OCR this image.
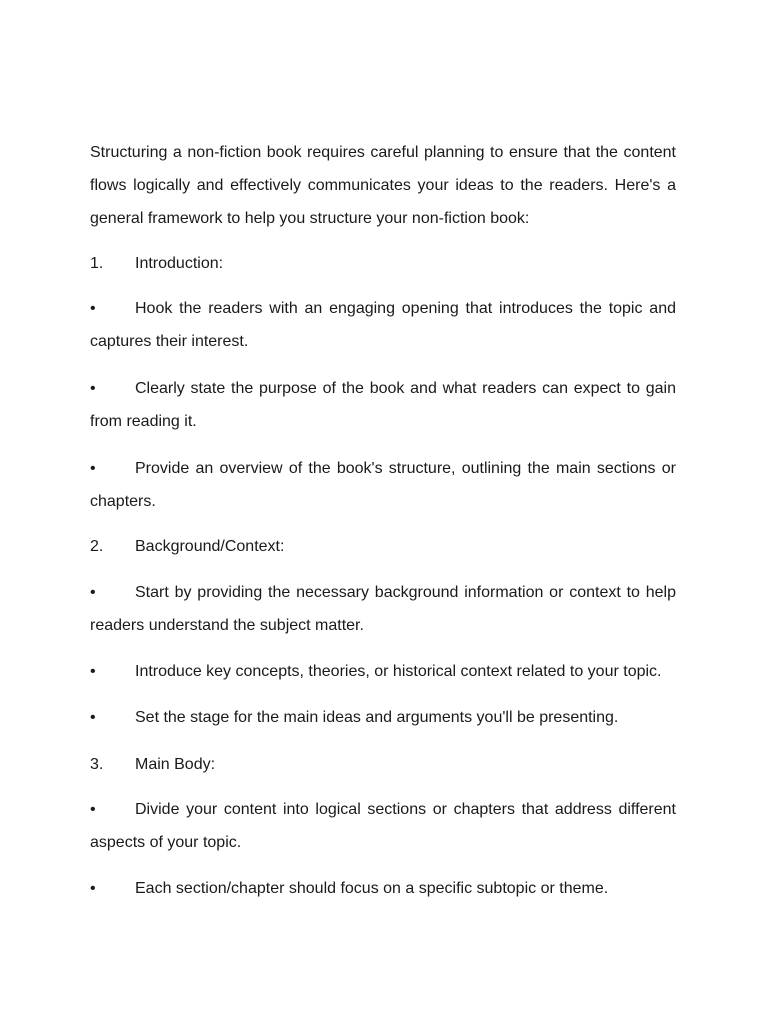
Structuring a non-fiction book requires careful planning to ensure that the content flows logically and effectively communicates your ideas to the readers. Here's a general framework to help you structure your non-fiction book:

1. Introduction:

• Hook the readers with an engaging opening that introduces the topic and captures their interest.

• Clearly state the purpose of the book and what readers can expect to gain from reading it.

• Provide an overview of the book's structure, outlining the main sections or chapters.

2. Background/Context:

• Start by providing the necessary background information or context to help readers understand the subject matter.

• Introduce key concepts, theories, or historical context related to your topic.

• Set the stage for the main ideas and arguments you'll be presenting.

3. Main Body:

• Divide your content into logical sections or chapters that address different aspects of your topic.

• Each section/chapter should focus on a specific subtopic or theme.
